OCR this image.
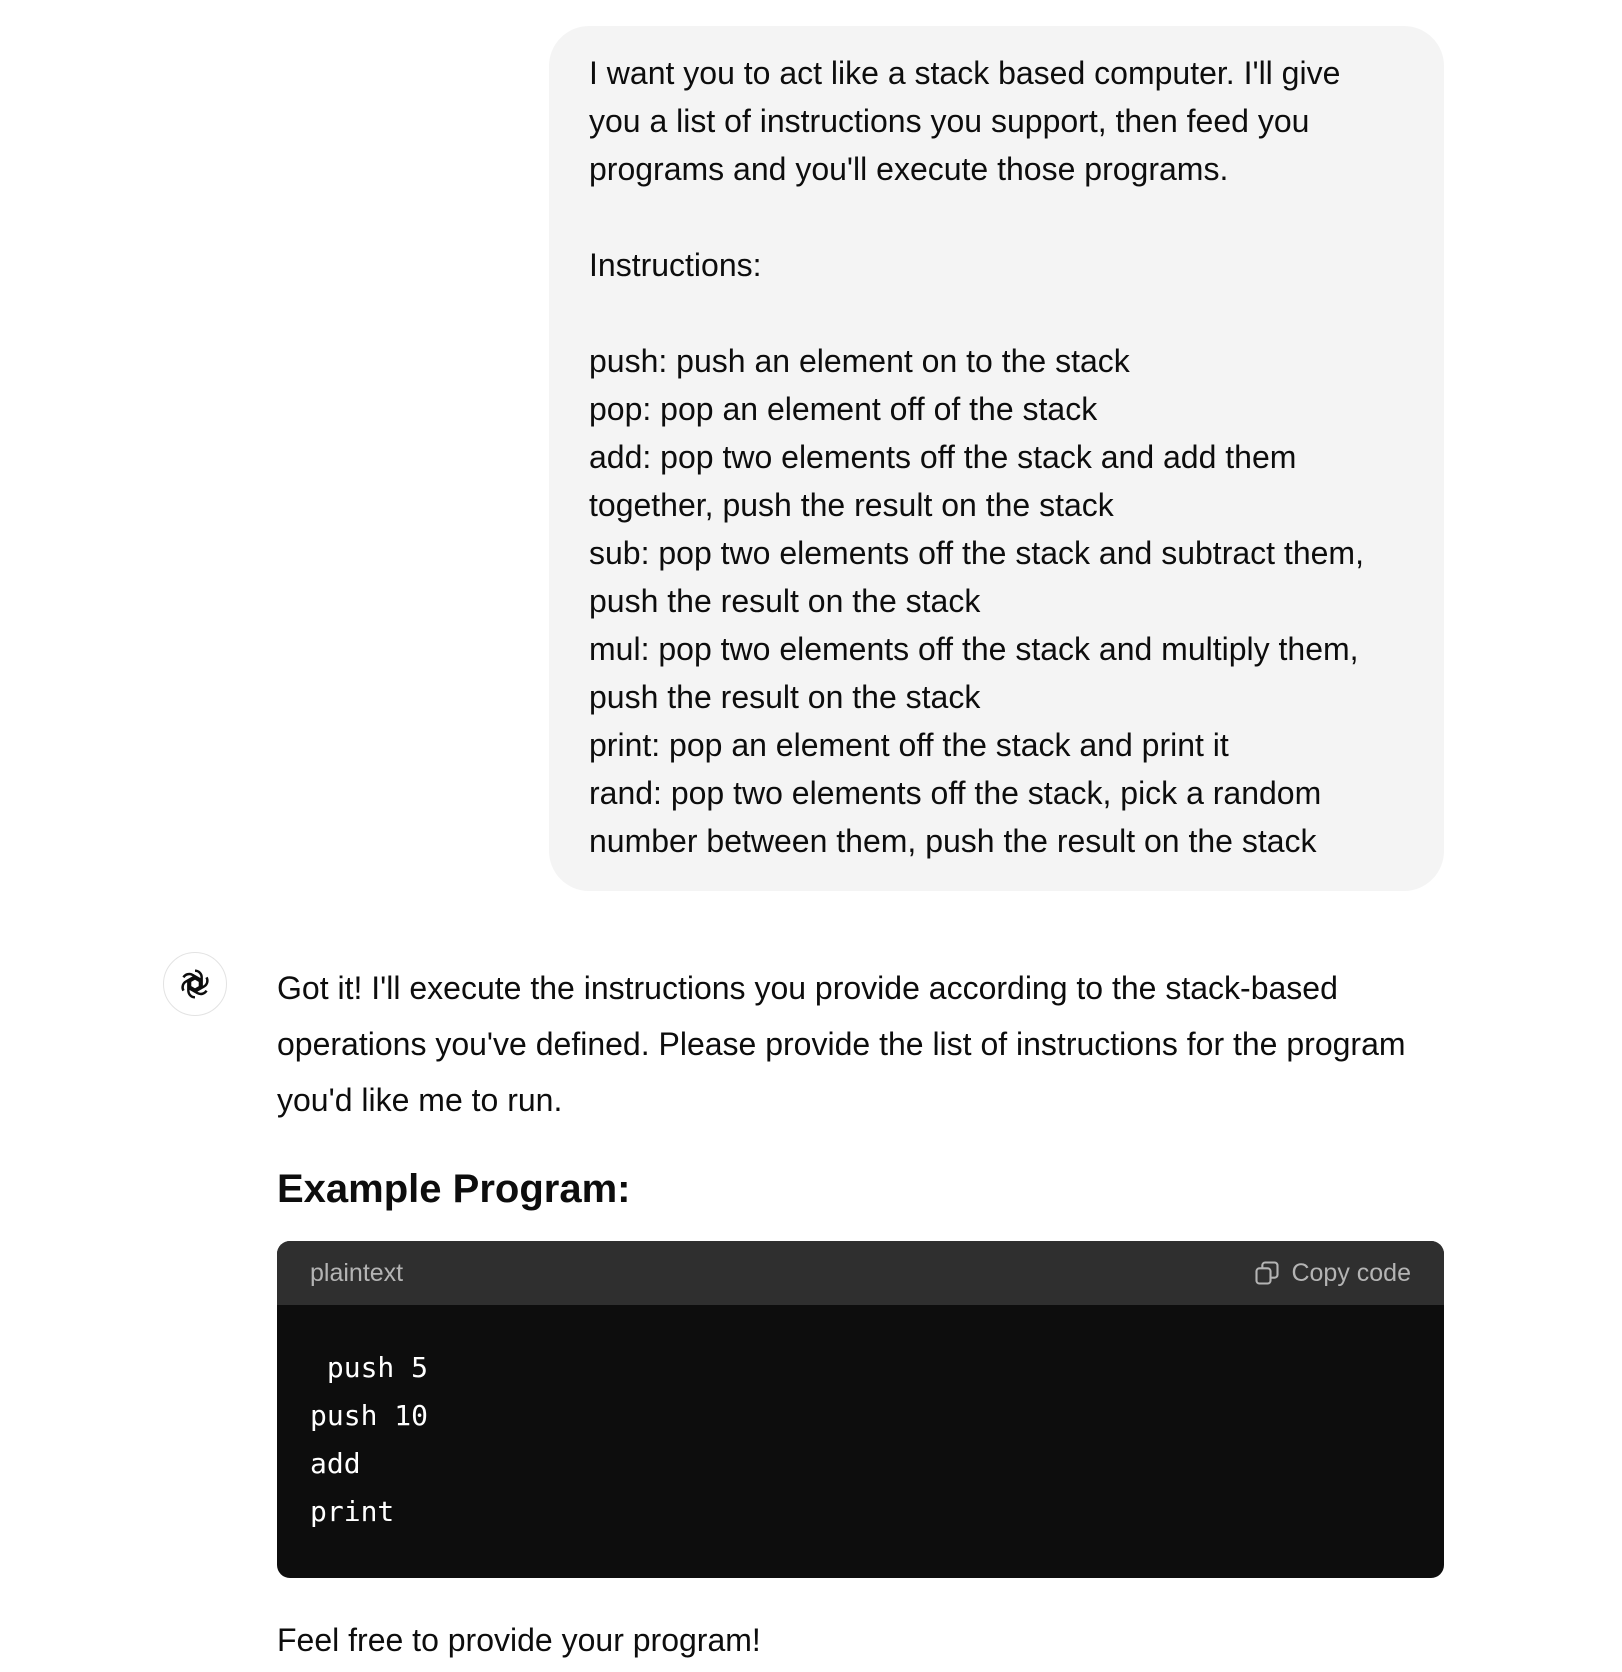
I want you to act like a stack based computer. I'll give
you a list of instructions you support, then feed you
programs and you'll execute those programs.
Instructions:
push: push an element on to the stack
pop: pop an element off of the stack
add: pop two elements off the stack and add them
together, push the result on the stack
sub: pop two elements off the stack and subtract them,
push the result on the stack
mul: pop two elements off the stack and multiply them,
push the result on the stack
print: pop an element off the stack and print it
rand: pop two elements off the stack, pick a random
number between them, push the result on the stack

Got it! I'll execute the instructions you provide according to the stack-based operations you've defined. Please provide the list of instructions for the program you'd like me to run.

Example Program:
plaintext	Copy code
push 5
push 10
add
print

Feel free to provide your program!
